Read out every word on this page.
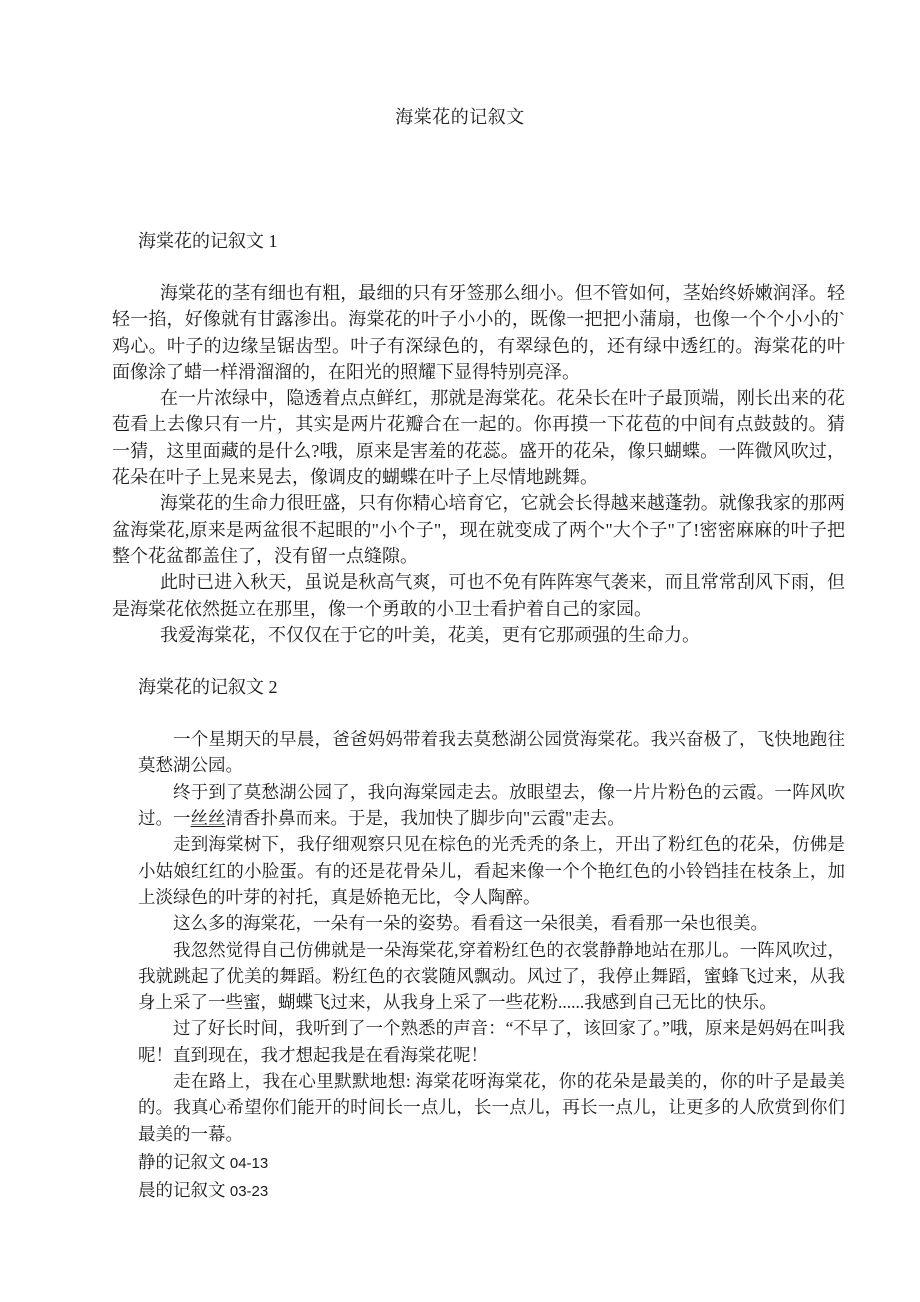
海棠花的记叙文
海棠花的记叙文 1

海棠花的茎有细也有粗，最细的只有牙签那么细小。但不管如何，茎始终娇嫩润泽。轻轻一掐，好像就有甘露渗出。海棠花的叶子小小的，既像一把把小蒲扇，也像一个个小小的`鸡心。叶子的边缘呈锯齿型。叶子有深绿色的，有翠绿色的，还有绿中透红的。海棠花的叶面像涂了蜡一样滑溜溜的，在阳光的照耀下显得特别亮泽。

在一片浓绿中，隐透着点点鲜红，那就是海棠花。花朵长在叶子最顶端，刚长出来的花苞看上去像只有一片，其实是两片花瓣合在一起的。你再摸一下花苞的中间有点鼓鼓的。猜一猜，这里面藏的是什么?哦，原来是害羞的花蕊。盛开的花朵，像只蝴蝶。一阵微风吹过，花朵在叶子上晃来晃去，像调皮的蝴蝶在叶子上尽情地跳舞。

海棠花的生命力很旺盛，只有你精心培育它，它就会长得越来越蓬勃。就像我家的那两盆海棠花,原来是两盆很不起眼的"小个子"，现在就变成了两个"大个子"了!密密麻麻的叶子把整个花盆都盖住了，没有留一点缝隙。

此时已进入秋天，虽说是秋高气爽，可也不免有阵阵寒气袭来，而且常常刮风下雨，但是海棠花依然挺立在那里，像一个勇敢的小卫士看护着自己的家园。

我爱海棠花，不仅仅在于它的叶美，花美，更有它那顽强的生命力。

海棠花的记叙文 2

一个星期天的早晨，爸爸妈妈带着我去莫愁湖公园赏海棠花。我兴奋极了，飞快地跑往莫愁湖公园。

终于到了莫愁湖公园了，我向海棠园走去。放眼望去，像一片片粉色的云霞。一阵风吹过。一丝丝清香扑鼻而来。于是，我加快了脚步向"云霞"走去。

走到海棠树下，我仔细观察只见在棕色的光秃秃的条上，开出了粉红色的花朵，仿佛是小姑娘红红的小脸蛋。有的还是花骨朵儿，看起来像一个个艳红色的小铃铛挂在枝条上，加上淡绿色的叶芽的衬托，真是娇艳无比，令人陶醉。

这么多的海棠花，一朵有一朵的姿势。看看这一朵很美，看看那一朵也很美。

我忽然觉得自己仿佛就是一朵海棠花,穿着粉红色的衣裳静静地站在那儿。一阵风吹过，我就跳起了优美的舞蹈。粉红色的衣裳随风飘动。风过了，我停止舞蹈，蜜蜂飞过来，从我身上采了一些蜜，蝴蝶飞过来，从我身上采了一些花粉......我感到自己无比的快乐。

过了好长时间，我听到了一个熟悉的声音：“不早了，该回家了。”哦，原来是妈妈在叫我呢！直到现在，我才想起我是在看海棠花呢！

走在路上，我在心里默默地想: 海棠花呀海棠花，你的花朵是最美的，你的叶子是最美的。我真心希望你们能开的时间长一点儿，长一点儿，再长一点儿，让更多的人欣赏到你们最美的一幕。

静的记叙文 04-13
晨的记叙文 03-23
